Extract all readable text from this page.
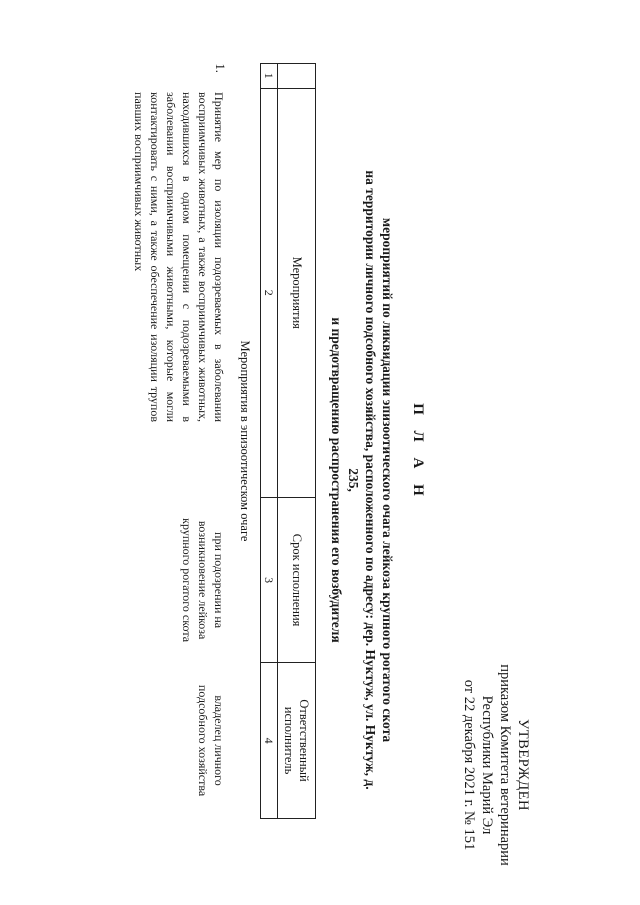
УТВЕРЖДЕН
приказом Комитета ветеринарии
Республики Марий Эл
от 22 декабря 2021 г. № 151
П Л А Н
мероприятий по ликвидации эпизоотического очага лейкоза крупного рогатого скота
на территории личного подсобного хозяйства, расположенного по адресу: дер. Нуктуж, ул. Нуктуж, д. 235,
и предотвращению распространения его возбудителя
	Мероприятия	Срок исполнения	Ответственный исполнитель
1	2	3	4
Мероприятия в эпизоотическом очаге			
1.	Принятие мер по изоляции подозреваемых в заболевании восприимчивых животных, а также восприимчивых животных, находившихся в одном помещении с подозреваемыми в заболевании восприимчивыми животными, которые могли контактировать с ними, а также обеспечение изоляции трупов павших восприимчивых животных	при подозрении на возникновение лейкоза крупного рогатого скота	владелец личного подсобного хозяйства
